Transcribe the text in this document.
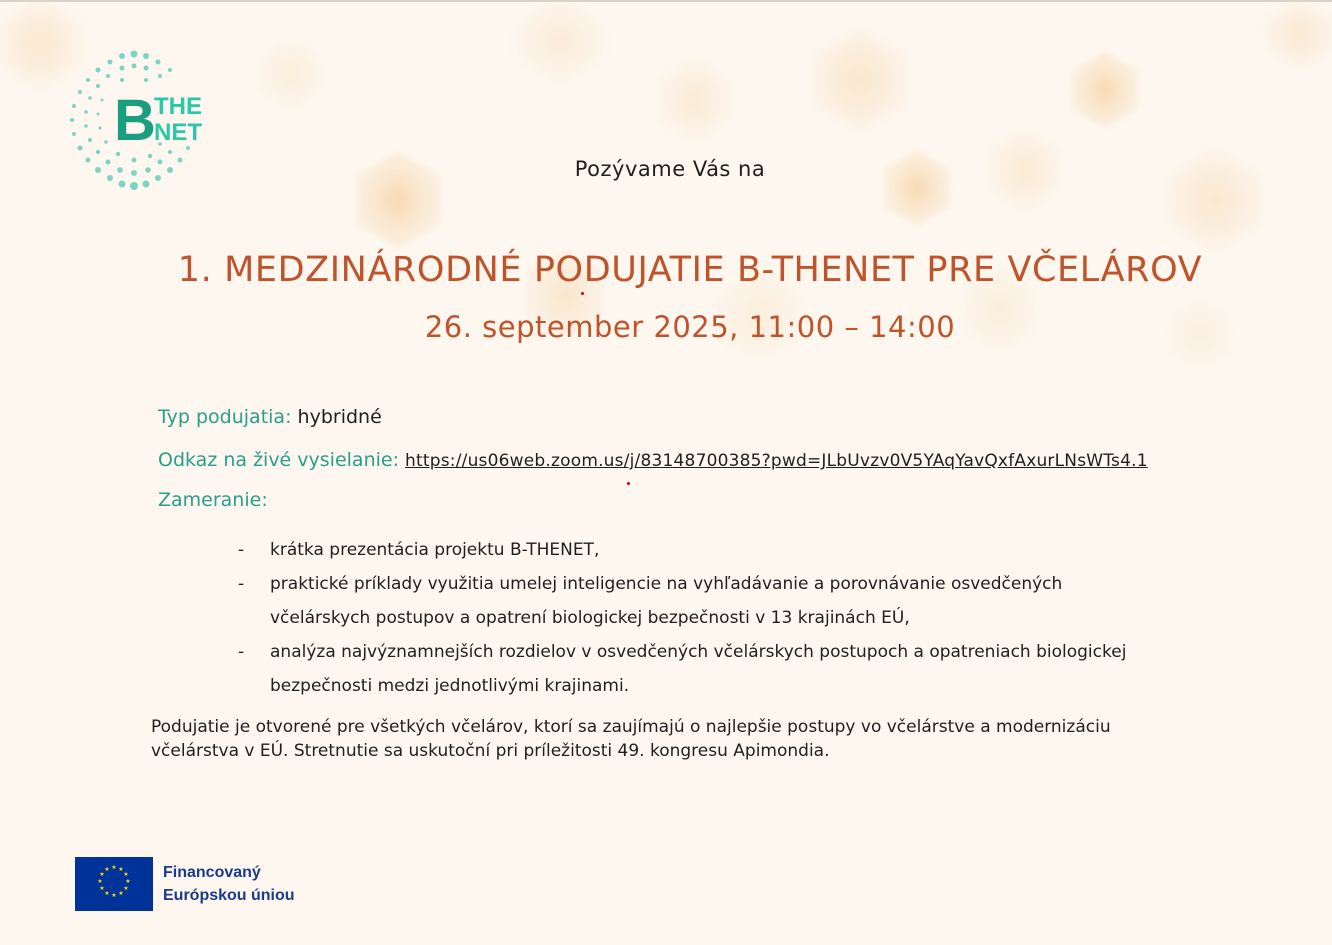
B
THE
NET
Pozývame Vás na
1. MEDZINÁRODNÉ PODUJATIE B-THENET PRE VČELÁROV
26. september 2025, 11:00 – 14:00
Typ podujatia: hybridné
Odkaz na živé vysielanie: https://us06web.zoom.us/j/83148700385?pwd=JLbUvzv0V5YAqYavQxfAxurLNsWTs4.1
Zameranie:
- krátka prezentácia projektu B-THENET,
- praktické príklady využitia umelej inteligencie na vyhľadávanie a porovnávanie osvedčených
včelárskych postupov a opatrení biologickej bezpečnosti v 13 krajinách EÚ,
- analýza najvýznamnejších rozdielov v osvedčených včelárskych postupoch a opatreniach biologickej
bezpečnosti medzi jednotlivými krajinami.
Podujatie je otvorené pre všetkých včelárov, ktorí sa zaujímajú o najlepšie postupy vo včelárstve a modernizáciu
včelárstva v EÚ. Stretnutie sa uskutoční pri príležitosti 49. kongresu Apimondia.
★ ★
★
★
★
★
★
★
★
★
★
★	Financovaný
Európskou úniou
